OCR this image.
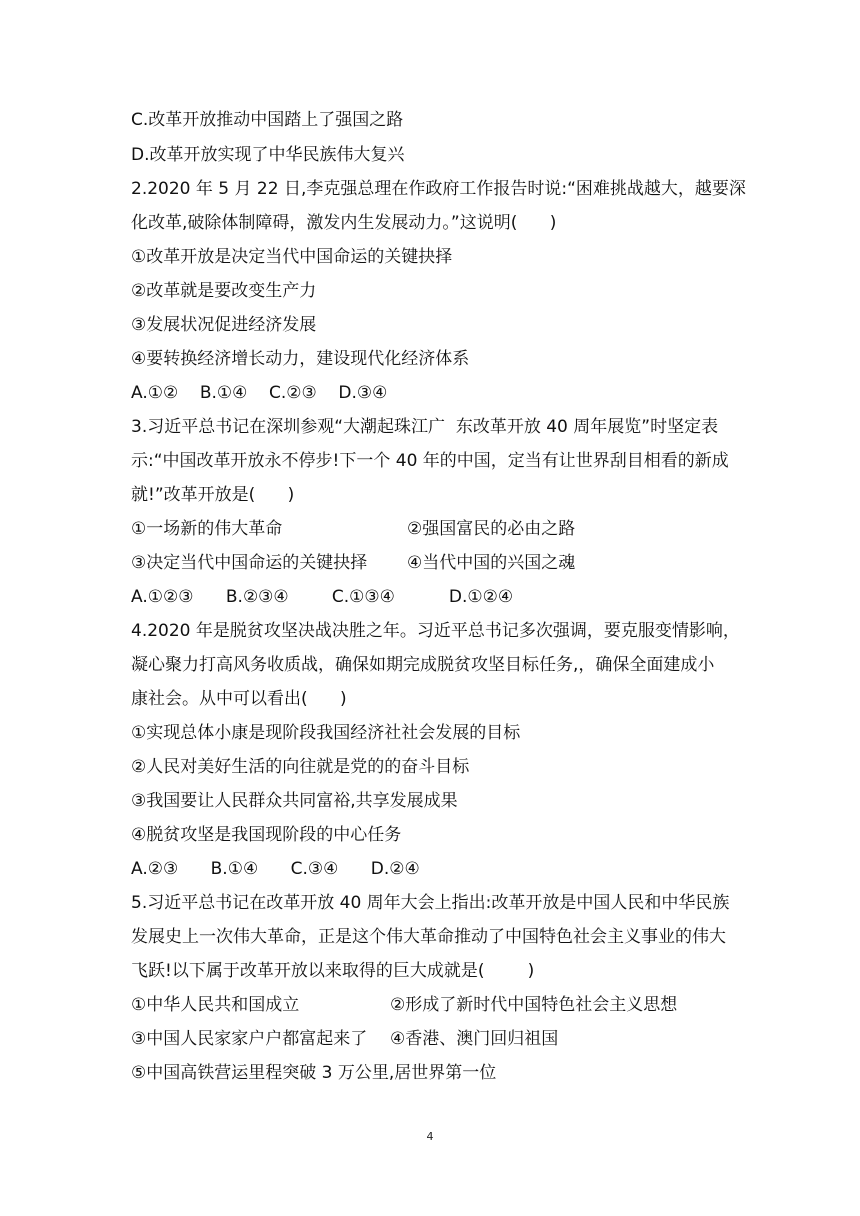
C.改革开放推动中国踏上了强国之路
D.改革开放实现了中华民族伟大复兴
2.2020 年 5 月 22 日,李克强总理在作政府工作报告时说:“困难挑战越大，越要深
化改革,破除体制障碍，激发内生发展动力。”这说明(      )
①改革开放是决定当代中国命运的关键抉择
②改革就是要改变生产力
③发展状况促进经济发展
④要转换经济增长动力，建设现代化经济体系
A.①②    B.①④    C.②③    D.③④
3.习近平总书记在深圳参观“大潮起珠江广  东改革开放 40 周年展览”时坚定表
示:“中国改革开放永不停步!下一个 40 年的中国，定当有让世界刮目相看的新成
就!”改革开放是(      )
①一场新的伟大革命	②强国富民的必由之路
③决定当代中国命运的关键抉择 ④当代中国的兴国之魂
A.①②③      B.②③④        C.①③④          D.①②④
4.2020 年是脱贫攻坚决战决胜之年。习近平总书记多次强调，要克服变情影响，
凝心聚力打高风务收质战，确保如期完成脱贫攻坚目标任务,，确保全面建成小
康社会。从中可以看出(      )
①实现总体小康是现阶段我国经济社社会发展的目标
②人民对美好生活的向往就是党的的奋斗目标
③我国要让人民群众共同富裕,共享发展成果
④脱贫攻坚是我国现阶段的中心任务
A.②③      B.①④      C.③④      D.②④
5.习近平总书记在改革开放 40 周年大会上指出:改革开放是中国人民和中华民族
发展史上一次伟大革命，正是这个伟大革命推动了中国特色社会主义事业的伟大
飞跃!以下属于改革开放以来取得的巨大成就是(        )
①中华人民共和国成立	②形成了新时代中国特色社会主义思想
③中国人民家家户户都富起来了 ④香港、澳门回归祖国
⑤中国高铁营运里程突破 3 万公里,居世界第一位
4
